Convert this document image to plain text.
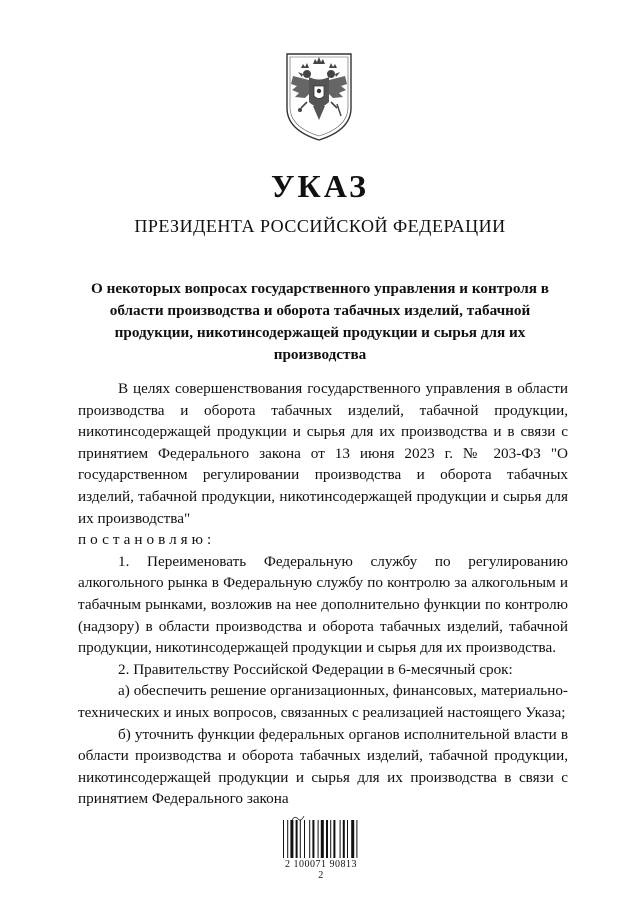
УКАЗ
ПРЕЗИДЕНТА РОССИЙСКОЙ ФЕДЕРАЦИИ
О некоторых вопросах государственного управления и контроля в области производства и оборота табачных изделий, табачной продукции, никотинсодержащей продукции и сырья для их производства

В целях совершенствования государственного управления в области производства и оборота табачных изделий, табачной продукции, никотинсодержащей продукции и сырья для их производства и в связи с принятием Федерального закона от 13 июня 2023 г. № 203-ФЗ "О государственном регулировании производства и оборота табачных изделий, табачной продукции, никотинсодержащей продукции и сырья для их производства"

постановляю:

1. Переименовать Федеральную службу по регулированию алкогольного рынка в Федеральную службу по контролю за алкогольным и табачным рынками, возложив на нее дополнительно функции по контролю (надзору) в области производства и оборота табачных изделий, табачной продукции, никотинсодержащей продукции и сырья для их производства.

2. Правительству Российской Федерации в 6-месячный срок:

а) обеспечить решение организационных, финансовых, материально-технических и иных вопросов, связанных с реализацией настоящего Указа;

б) уточнить функции федеральных органов исполнительной власти в области производства и оборота табачных изделий, табачной продукции, никотинсодержащей продукции и сырья для их производства в связи с принятием Федерального закона

2 100071 90813 2
